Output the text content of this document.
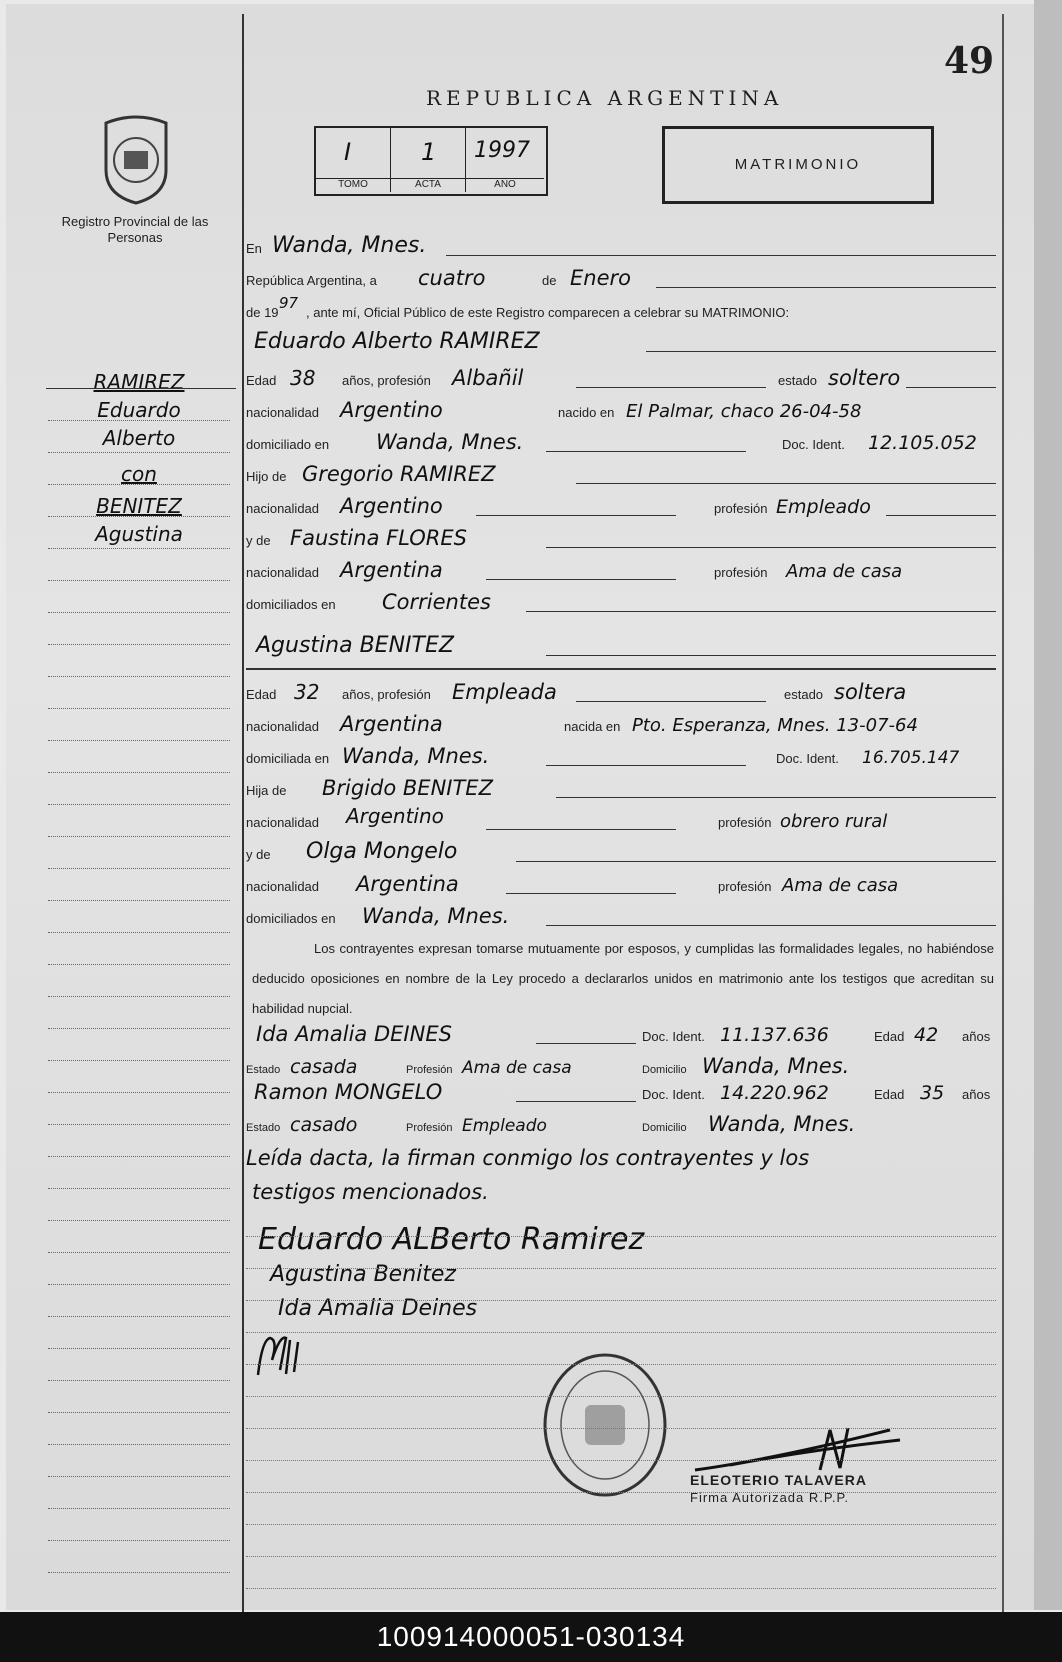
49
Registro Provincial de las Personas
REPUBLICA ARGENTINA
I
TOMO
1
ACTA
1997
AÑO
MATRIMONIO
RAMIREZ
Eduardo
Alberto
con
BENITEZ
Agustina
En Wanda, Mnes.
República Argentina, a cuatro	de Enero
de 19
97
, ante mí, Oficial Público de este Registro comparecen a celebrar su MATRIMONIO:
Eduardo Alberto RAMIREZ
Edad 38 años, profesión Albañil	estado soltero
nacionalidad Argentino	nacido en El Palmar, chaco 26-04-58
domiciliado en Wanda, Mnes.	Doc. Ident. 12.105.052
Hijo de Gregorio RAMIREZ
nacionalidad Argentino	profesión Empleado
y de Faustina FLORES
nacionalidad Argentina	profesión Ama de casa
domiciliados en Corrientes
Agustina BENITEZ
Edad 32 años, profesión Empleada	estado soltera
nacionalidad Argentina	nacida en Pto. Esperanza, Mnes. 13-07-64
domiciliada en Wanda, Mnes.	Doc. Ident. 16.705.147
Hija de Brigido BENITEZ
nacionalidad Argentino	profesión obrero rural
y de Olga Mongelo
nacionalidad Argentina	profesión Ama de casa
domiciliados en Wanda, Mnes.
Los contrayentes expresan tomarse mutuamente por esposos, y cumplidas las formalidades legales, no habiéndose deducido oposiciones en nombre de la Ley procedo a declararlos unidos en matrimonio ante los testigos que acreditan su habilidad nupcial.
Ida Amalia DEINES	Doc. Ident. 11.137.636	Edad 42 años
Estado casada	Profesión Ama de casa	Domicilio Wanda, Mnes.
Ramon MONGELO	Doc. Ident. 14.220.962	Edad 35 años
Estado casado	Profesión Empleado	Domicilio Wanda, Mnes.
Leída dacta, la firman conmigo los contrayentes y los
testigos mencionados.
Eduardo ALBerto Ramirez
Agustina Benitez
Ida Amalia Deines
ELEOTERIO TALAVERA
Firma Autorizada R.P.P.
100914000051-030134
